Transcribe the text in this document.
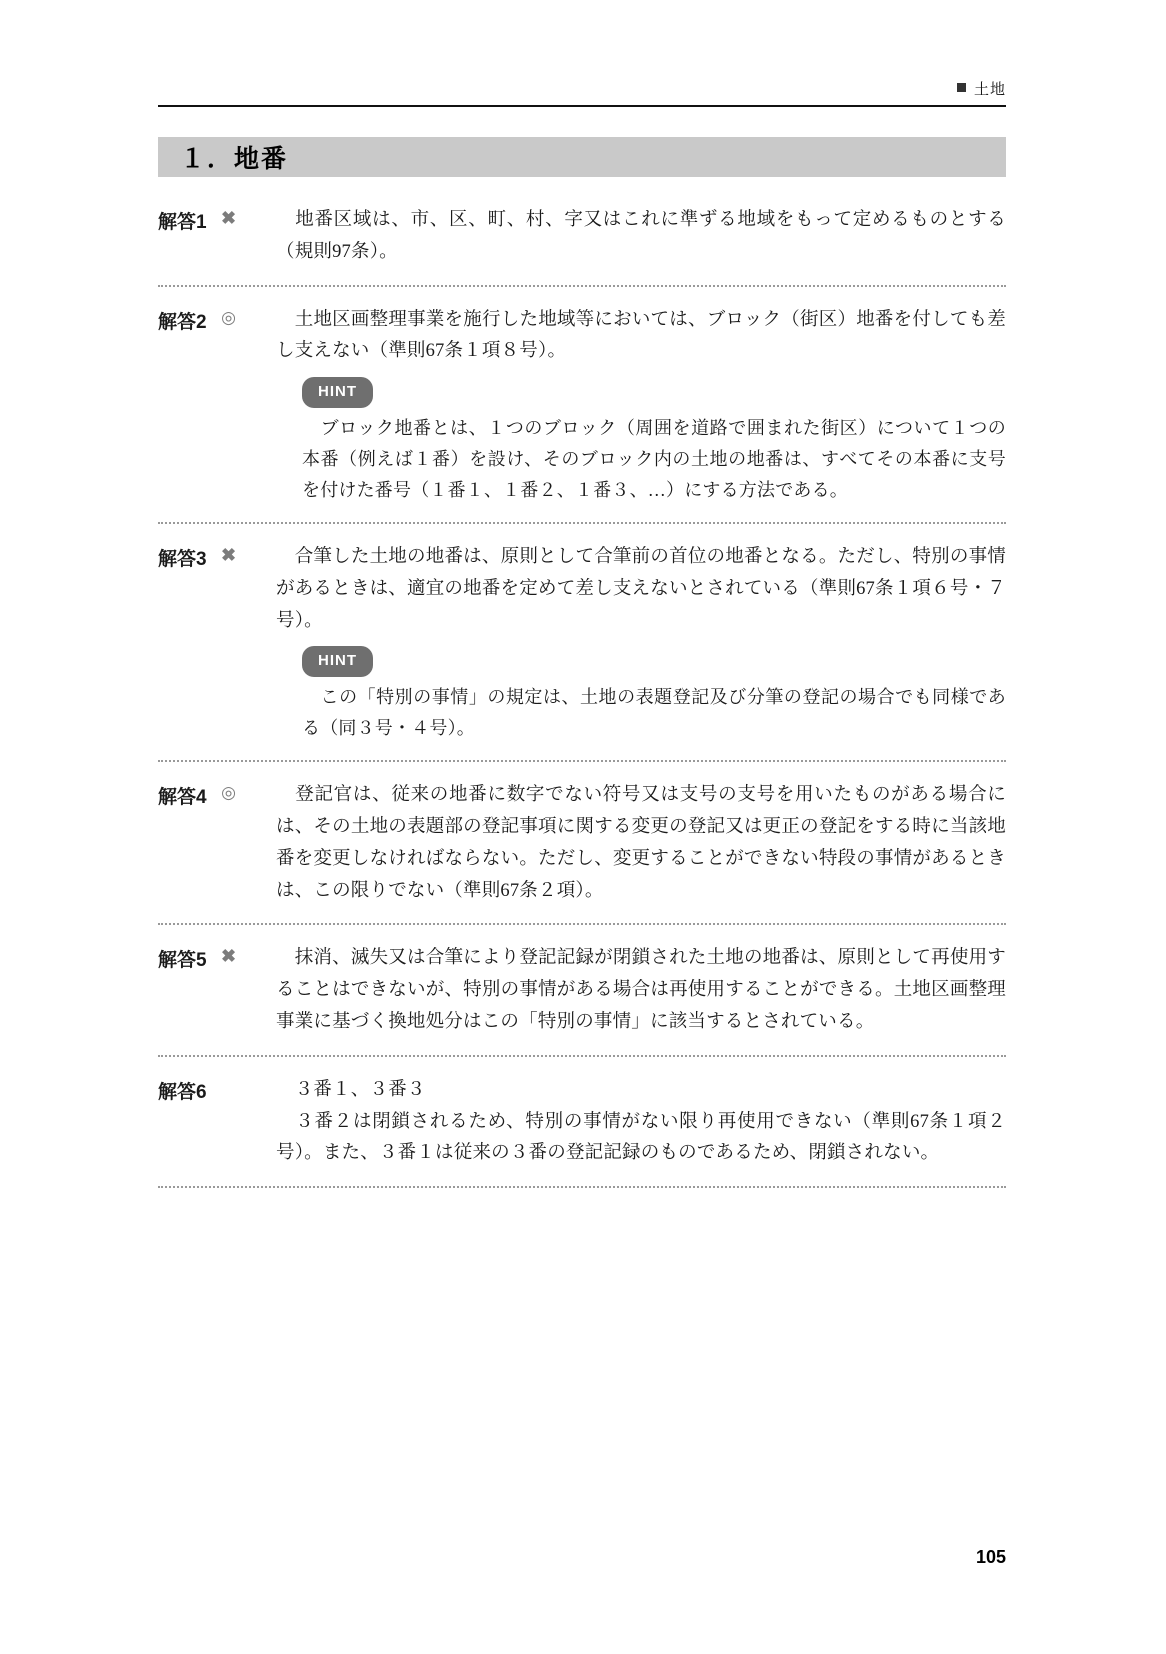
土地
１．地番
解答1 ✖ 　地番区域は、市、区、町、村、字又はこれに準ずる地域をもって定めるものとする（規則97条）。

解答2 ◎ 　土地区画整理事業を施行した地域等においては、ブロック（街区）地番を付しても差し支えない（準則67条１項８号）。

HINT
　ブロック地番とは、１つのブロック（周囲を道路で囲まれた街区）について１つの本番（例えば１番）を設け、そのブロック内の土地の地番は、すべてその本番に支号を付けた番号（１番１、１番２、１番３、…）にする方法である。
解答3 ✖ 　合筆した土地の地番は、原則として合筆前の首位の地番となる。ただし、特別の事情があるときは、適宜の地番を定めて差し支えないとされている（準則67条１項６号・７号）。

HINT
　この「特別の事情」の規定は、土地の表題登記及び分筆の登記の場合でも同様である（同３号・４号）。
解答4 ◎ 　登記官は、従来の地番に数字でない符号又は支号の支号を用いたものがある場合には、その土地の表題部の登記事項に関する変更の登記又は更正の登記をする時に当該地番を変更しなければならない。ただし、変更することができない特段の事情があるときは、この限りでない（準則67条２項）。

解答5 ✖ 　抹消、滅失又は合筆により登記記録が閉鎖された土地の地番は、原則として再使用することはできないが、特別の事情がある場合は再使用することができる。土地区画整理事業に基づく換地処分はこの「特別の事情」に該当するとされている。

解答6	　３番１、３番３

　３番２は閉鎖されるため、特別の事情がない限り再使用できない（準則67条１項２号）。また、３番１は従来の３番の登記記録のものであるため、閉鎖されない。

105
